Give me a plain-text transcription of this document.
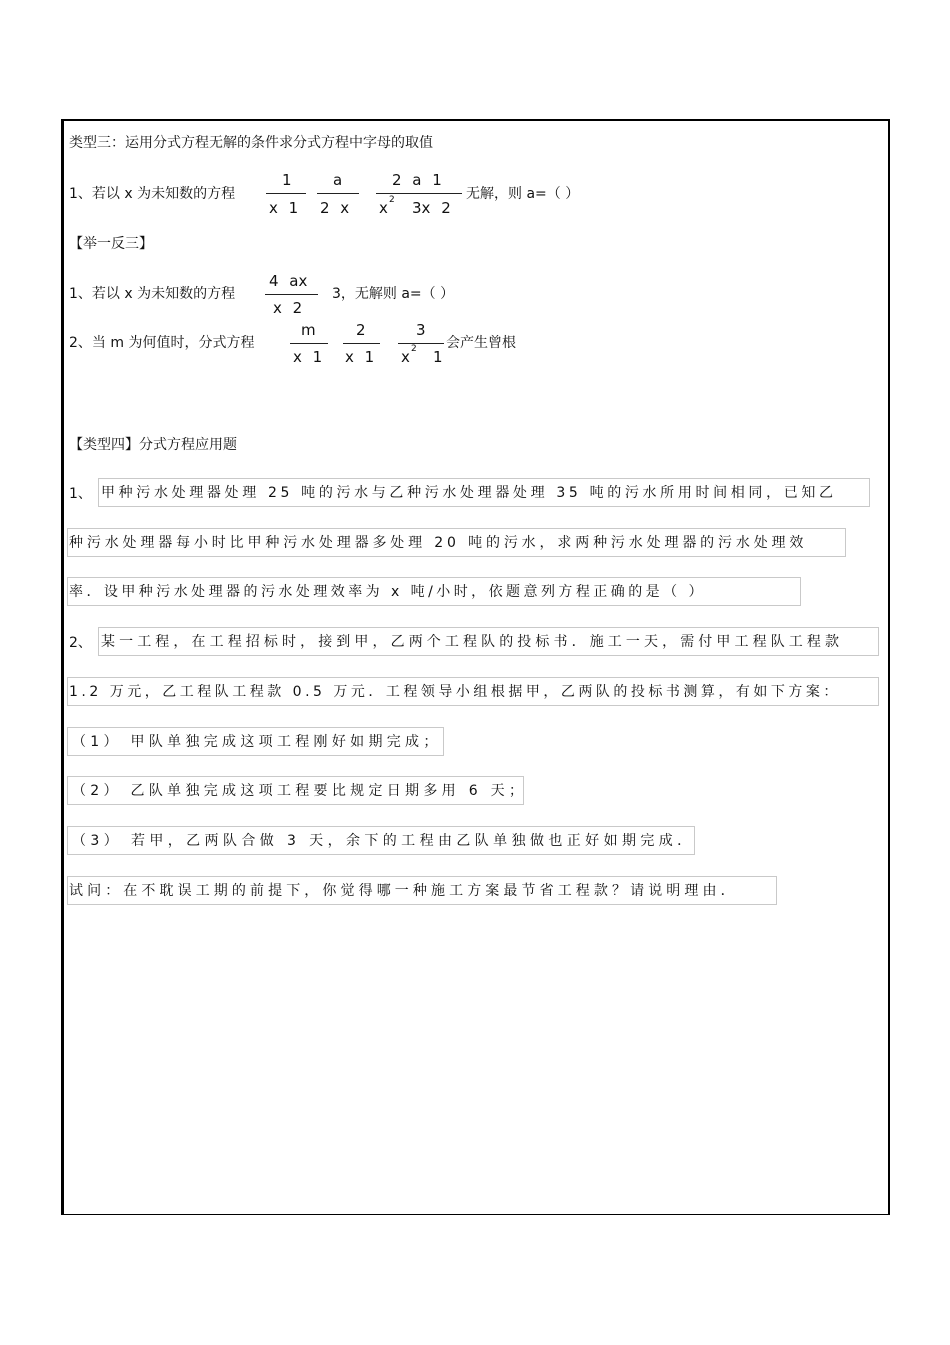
类型三：运用分式方程无解的条件求分式方程中字母的取值
1、若以 x 为未知数的方程
1
x 1
a
2 x
2 a 1
x 2 3x 2
无解，则 a=（ ）
【举一反三】
1、若以 x 为未知数的方程
4 ax
x 2
3，无解则 a=（ ）
2、当 m 为何值时，分式方程
m
x 1
2
x 1
3
x 2 1
会产生曾根
【类型四】分式方程应用题
1、 甲种污水处理器处理 25 吨的污水与乙种污水处理器处理 35 吨的污水所用时间相同，已知乙
种污水处理器每小时比甲种污水处理器多处理 20 吨的污水，求两种污水处理器的污水处理效
率．设甲种污水处理器的污水处理效率为 x 吨/小时，依题意列方程正确的是（ ）
2、 某一工程，在工程招标时，接到甲，乙两个工程队的投标书．施工一天，需付甲工程队工程款
1.2 万元，乙工程队工程款 0.5 万元．工程领导小组根据甲，乙两队的投标书测算，有如下方案：
（1） 甲队单独完成这项工程刚好如期完成；
（2） 乙队单独完成这项工程要比规定日期多用 6 天；
（3） 若甲，乙两队合做 3 天，余下的工程由乙队单独做也正好如期完成．
试问：在不耽误工期的前提下，你觉得哪一种施工方案最节省工程款？请说明理由．
